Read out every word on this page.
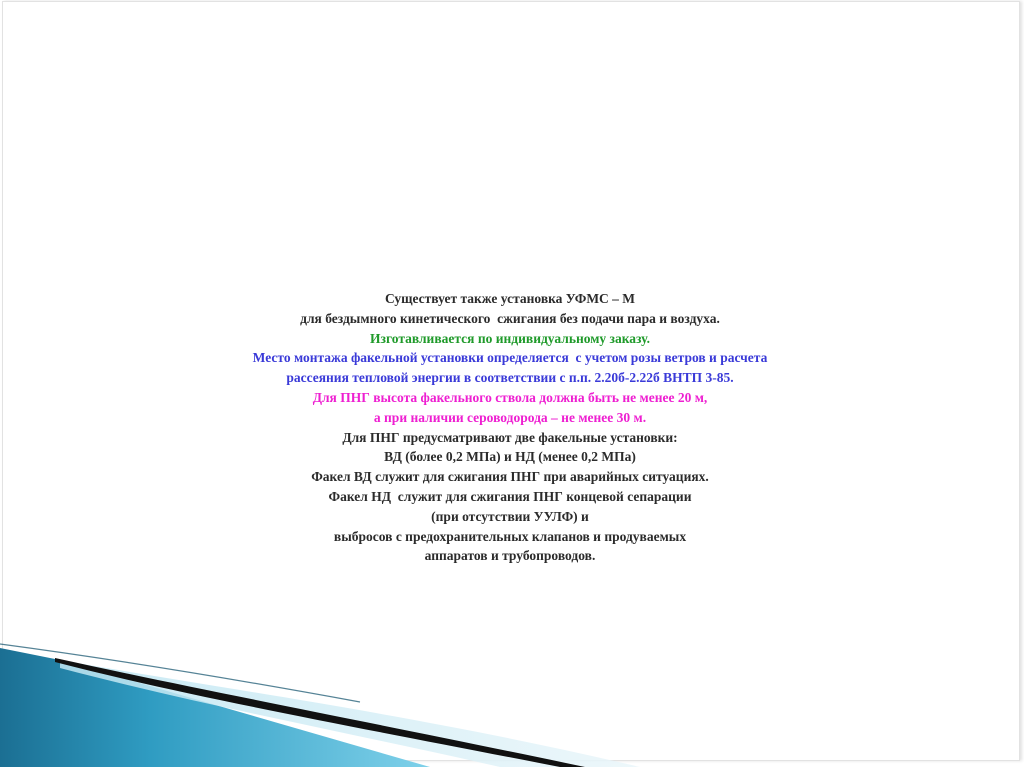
Существует также установка УФМС – М
для бездымного кинетического  сжигания без подачи пара и воздуха.
Изготавливается по индивидуальному заказу.
Место монтажа факельной установки определяется  с учетом розы ветров и расчета
рассеяния тепловой энергии в соответствии с п.п. 2.20б-2.22б ВНТП 3-85.
Для ПНГ высота факельного ствола должна быть не менее 20 м,
а при наличии сероводорода – не менее 30 м.
Для ПНГ предусматривают две факельные установки:
ВД (более 0,2 МПа) и НД (менее 0,2 МПа)
Факел ВД служит для сжигания ПНГ при аварийных ситуациях.
Факел НД  служит для сжигания ПНГ концевой сепарации
(при отсутствии УУЛФ) и
выбросов с предохранительных клапанов и продуваемых
аппаратов и трубопроводов.
